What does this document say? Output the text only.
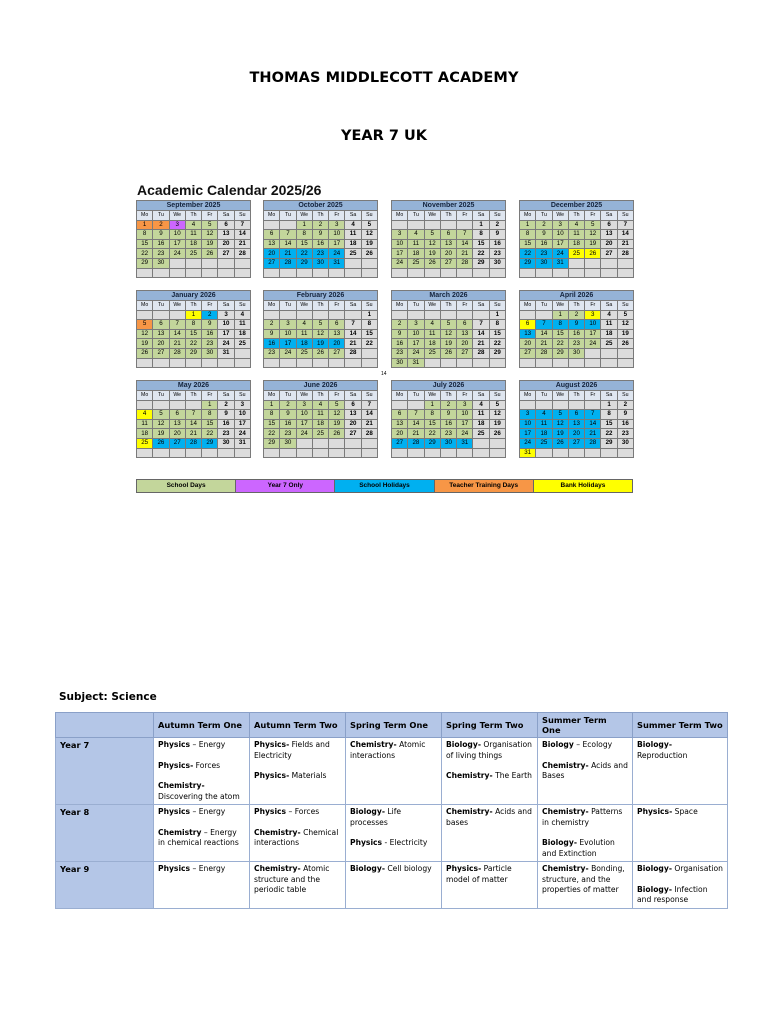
THOMAS MIDDLECOTT ACADEMY
YEAR 7 UK
Academic Calendar 2025/26
September 2025						
Mo	Tu	We	Th	Fr	Sa	Su
1	2	3	4	5	6	7
8	9	10	11	12	13	14
15	16	17	18	19	20	21
22	23	24	25	26	27	28
29	30					

October 2025						
Mo	Tu	We	Th	Fr	Sa	Su
		1	2	3	4	5
6	7	8	9	10	11	12
13	14	15	16	17	18	19
20	21	22	23	24	25	26
27	28	29	30	31		

November 2025						
Mo	Tu	We	Th	Fr	Sa	Su
					1	2
3	4	5	6	7	8	9
10	11	12	13	14	15	16
17	18	19	20	21	22	23
24	25	26	27	28	29	30

December 2025						
Mo	Tu	We	Th	Fr	Sa	Su
1	2	3	4	5	6	7
8	9	10	11	12	13	14
15	16	17	18	19	20	21
22	23	24	25	26	27	28
29	30	31				

January 2026						
Mo	Tu	We	Th	Fr	Sa	Su
			1	2	3	4
5	6	7	8	9	10	11
12	13	14	15	16	17	18
19	20	21	22	23	24	25
26	27	28	29	30	31	

February 2026						
Mo	Tu	We	Th	Fr	Sa	Su
						1
2	3	4	5	6	7	8
9	10	11	12	13	14	15
16	17	18	19	20	21	22
23	24	25	26	27	28	

March 2026						
Mo	Tu	We	Th	Fr	Sa	Su
						1
2	3	4	5	6	7	8
9	10	11	12	13	14	15
16	17	18	19	20	21	22
23	24	25	26	27	28	29
30	31					
14
April 2026						
Mo	Tu	We	Th	Fr	Sa	Su
		1	2	3	4	5
6	7	8	9	10	11	12
13	14	15	16	17	18	19
20	21	22	23	24	25	26
27	28	29	30			

May 2026						
Mo	Tu	We	Th	Fr	Sa	Su
				1	2	3
4	5	6	7	8	9	10
11	12	13	14	15	16	17
18	19	20	21	22	23	24
25	26	27	28	29	30	31

June 2026						
Mo	Tu	We	Th	Fr	Sa	Su
1	2	3	4	5	6	7
8	9	10	11	12	13	14
15	16	17	18	19	20	21
22	23	24	25	26	27	28
29	30					

July 2026						
Mo	Tu	We	Th	Fr	Sa	Su
		1	2	3	4	5
6	7	8	9	10	11	12
13	14	15	16	17	18	19
20	21	22	23	24	25	26
27	28	29	30	31		

August 2026						
Mo	Tu	We	Th	Fr	Sa	Su
					1	2
3	4	5	6	7	8	9
10	11	12	13	14	15	16
17	18	19	20	21	22	23
24	25	26	27	28	29	30
31						
School Days	Year 7 Only	School Holidays	Teacher Training Days	Bank Holidays
Subject: Science
	Autumn Term One	Autumn Term Two	Spring Term One	Spring Term Two	Summer Term One	Summer Term Two
Year 7	Physics – Energy
Physics- Forces
Chemistry- Discovering the atom	Physics- Fields and Electricity
Physics- Materials	Chemistry- Atomic interactions	Biology- Organisation of living things
Chemistry- The Earth	Biology – Ecology
Chemistry- Acids and Bases	Biology- Reproduction

Year 8	Physics – Energy
Chemistry – Energy in chemical reactions	Physics – Forces
Chemistry- Chemical interactions	Biology- Life processes
Physics - Electricity	Chemistry- Acids and bases	Chemistry- Patterns in chemistry
Biology- Evolution and Extinction	Physics- Space

Year 9	Physics – Energy	Chemistry- Atomic structure and the periodic table	Biology- Cell biology	Physics- Particle model of matter	Chemistry- Bonding, structure, and the properties of matter	Biology- Organisation
Biology- Infection and response
